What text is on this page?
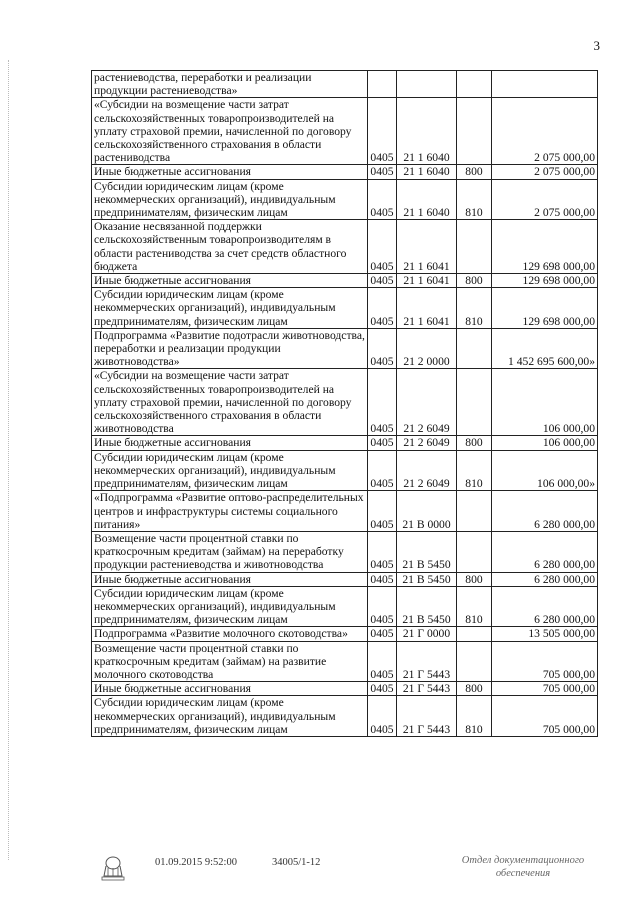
3
растениеводства, переработки и реализации продукции растениеводства»				
«Субсидии на возмещение части затрат сельскохозяйственных товаропроизводителей на уплату страховой премии, начисленной по договору сельскохозяйственного страхования в области растениводства	0405	21 1 6040		2 075 000,00
Иные бюджетные ассигнования	0405	21 1 6040	800	2 075 000,00
Субсидии юридическим лицам (кроме некоммерческих организаций), индивидуальным предпринимателям, физическим лицам	0405	21 1 6040	810	2 075 000,00
Оказание несвязанной поддержки сельскохозяйственным товаропроизводителям в области растениводства за счет средств областного бюджета	0405	21 1 6041		129 698 000,00
Иные бюджетные ассигнования	0405	21 1 6041	800	129 698 000,00
Субсидии юридическим лицам (кроме некоммерческих организаций), индивидуальным предпринимателям, физическим лицам	0405	21 1 6041	810	129 698 000,00
Подпрограмма «Развитие подотрасли животноводства, переработки и реализации продукции животноводства»	0405	21 2 0000		1 452 695 600,00»
«Субсидии на возмещение части затрат сельскохозяйственных товаропроизводителей на уплату страховой премии, начисленной по договору сельскохозяйственного страхования в области животноводства	0405	21 2 6049		106 000,00
Иные бюджетные ассигнования	0405	21 2 6049	800	106 000,00
Субсидии юридическим лицам (кроме некоммерческих организаций), индивидуальным предпринимателям, физическим лицам	0405	21 2 6049	810	106 000,00»
«Подпрограмма «Развитие оптово-распределительных центров и инфраструктуры системы социального питания»	0405	21 В 0000		6 280 000,00
Возмещение части процентной ставки по краткосрочным кредитам (займам) на переработку продукции растениеводства и животноводства	0405	21 В 5450		6 280 000,00
Иные бюджетные ассигнования	0405	21 В 5450	800	6 280 000,00
Субсидии юридическим лицам (кроме некоммерческих организаций), индивидуальным предпринимателям, физическим лицам	0405	21 В 5450	810	6 280 000,00
Подпрограмма «Развитие молочного скотоводства»	0405	21 Г 0000		13 505 000,00
Возмещение части процентной ставки по краткосрочным кредитам (займам) на развитие молочного скотоводства	0405	21 Г 5443		705 000,00
Иные бюджетные ассигнования	0405	21 Г 5443	800	705 000,00
Субсидии юридическим лицам (кроме некоммерческих организаций), индивидуальным предпринимателям, физическим лицам	0405	21 Г 5443	810	705 000,00
01.09.2015 9:52:00	34005/1-12	Отдел документационного обеспечения
